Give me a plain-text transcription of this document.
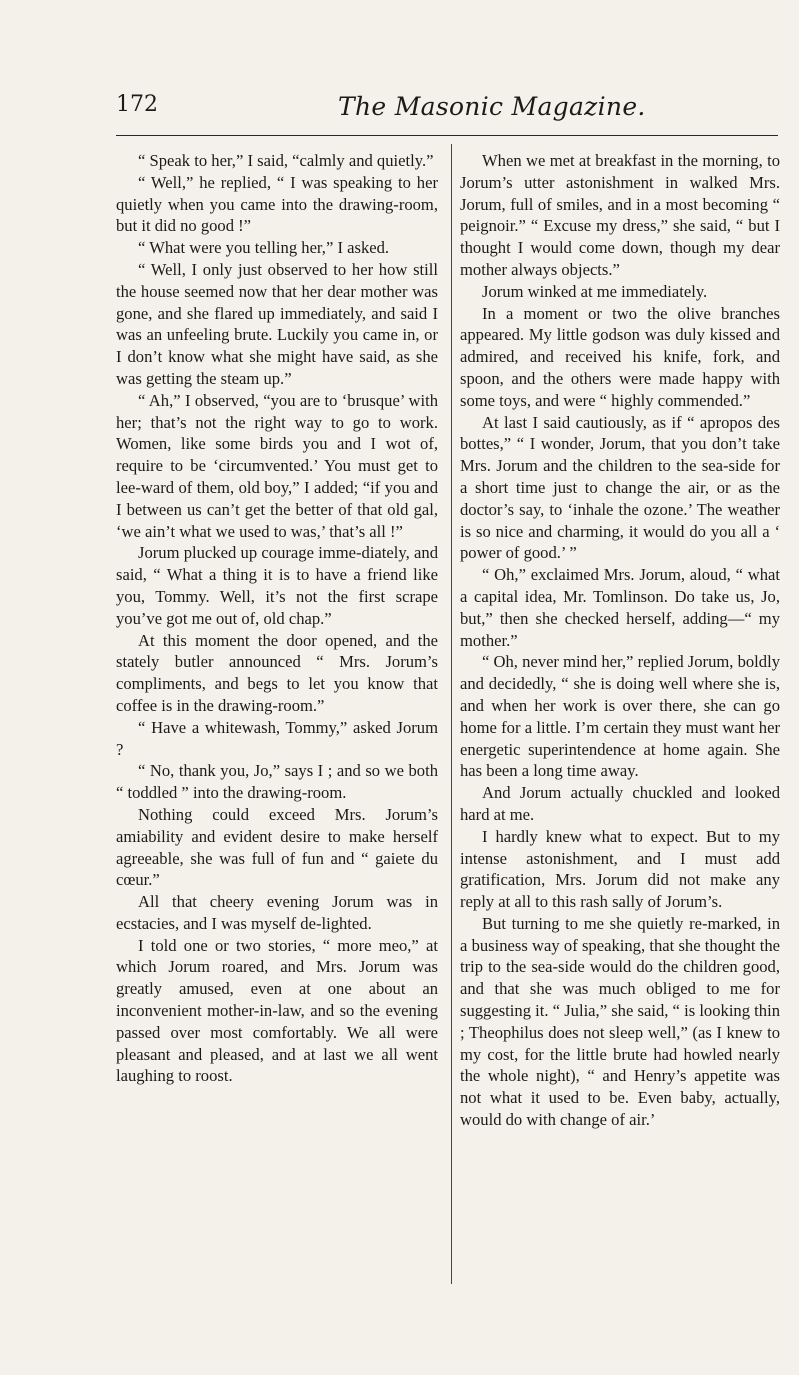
172	The Masonic Magazine.

“ Speak to her,” I said, “calmly and quietly.”

“ Well,” he replied, “ I was speaking to her quietly when you came into the drawing-room, but it did no good !”

“ What were you telling her,” I asked.

“ Well, I only just observed to her how still the house seemed now that her dear mother was gone, and she flared up immediately, and said I was an unfeeling brute. Luckily you came in, or I don’t know what she might have said, as she was getting the steam up.”

“ Ah,” I observed, “you are to ‘brusque’ with her; that’s not the right way to go to work. Women, like some birds you and I wot of, require to be ‘circumvented.’ You must get to lee-ward of them, old boy,” I added; “if you and I between us can’t get the better of that old gal, ‘we ain’t what we used to was,’ that’s all !”

Jorum plucked up courage imme-diately, and said, “ What a thing it is to have a friend like you, Tommy. Well, it’s not the first scrape you’ve got me out of, old chap.”

At this moment the door opened, and the stately butler announced “ Mrs. Jorum’s compliments, and begs to let you know that coffee is in the drawing-room.”

“ Have a whitewash, Tommy,” asked Jorum ?

“ No, thank you, Jo,” says I ; and so we both “ toddled ” into the drawing-room.

Nothing could exceed Mrs. Jorum’s amiability and evident desire to make herself agreeable, she was full of fun and “ gaiete du cœur.”

All that cheery evening Jorum was in ecstacies, and I was myself de-lighted.

I told one or two stories, “ more meo,” at which Jorum roared, and Mrs. Jorum was greatly amused, even at one about an inconvenient mother-in-law, and so the evening passed over most comfortably. We all were pleasant and pleased, and at last we all went laughing to roost.

When we met at breakfast in the morning, to Jorum’s utter astonishment in walked Mrs. Jorum, full of smiles, and in a most becoming “ peignoir.” “ Excuse my dress,” she said, “ but I thought I would come down, though my dear mother always objects.”

Jorum winked at me immediately.

In a moment or two the olive branches appeared. My little godson was duly kissed and admired, and received his knife, fork, and spoon, and the others were made happy with some toys, and were “ highly commended.”

At last I said cautiously, as if “ apropos des bottes,” “ I wonder, Jorum, that you don’t take Mrs. Jorum and the children to the sea-side for a short time just to change the air, or as the doctor’s say, to ‘inhale the ozone.’ The weather is so nice and charming, it would do you all a ‘ power of good.’ ”

“ Oh,” exclaimed Mrs. Jorum, aloud, “ what a capital idea, Mr. Tomlinson. Do take us, Jo, but,” then she checked herself, adding—“ my mother.”

“ Oh, never mind her,” replied Jorum, boldly and decidedly, “ she is doing well where she is, and when her work is over there, she can go home for a little. I’m certain they must want her energetic superintendence at home again. She has been a long time away.

And Jorum actually chuckled and looked hard at me.

I hardly knew what to expect. But to my intense astonishment, and I must add gratification, Mrs. Jorum did not make any reply at all to this rash sally of Jorum’s.

But turning to me she quietly re-marked, in a business way of speaking, that she thought the trip to the sea-side would do the children good, and that she was much obliged to me for suggesting it. “ Julia,” she said, “ is looking thin ; Theophilus does not sleep well,” (as I knew to my cost, for the little brute had howled nearly the whole night), “ and Henry’s appetite was not what it used to be. Even baby, actually, would do with change of air.’
